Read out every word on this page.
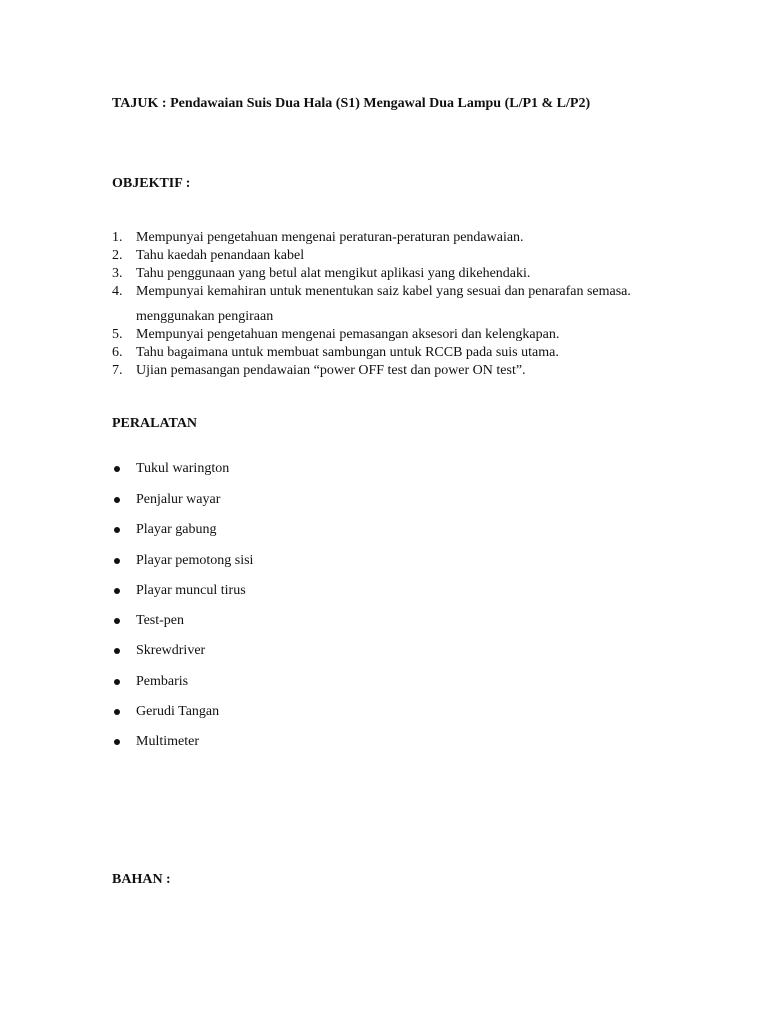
TAJUK : Pendawaian Suis Dua Hala (S1) Mengawal Dua Lampu (L/P1 & L/P2)
OBJEKTIF :
1. Mempunyai pengetahuan mengenai peraturan-peraturan pendawaian.
2. Tahu kaedah penandaan kabel
3. Tahu penggunaan yang betul alat mengikut aplikasi yang dikehendaki.
4. Mempunyai kemahiran untuk menentukan saiz kabel yang sesuai dan penarafan semasa.
menggunakan pengiraan
5. Mempunyai pengetahuan mengenai pemasangan aksesori dan kelengkapan.
6. Tahu bagaimana untuk membuat sambungan untuk RCCB pada suis utama.
7. Ujian pemasangan pendawaian “power OFF test dan power ON test”.
PERALATAN
Tukul warington
Penjalur wayar
Playar gabung
Playar pemotong sisi
Playar muncul tirus
Test-pen
Skrewdriver
Pembaris
Gerudi Tangan
Multimeter
BAHAN :
